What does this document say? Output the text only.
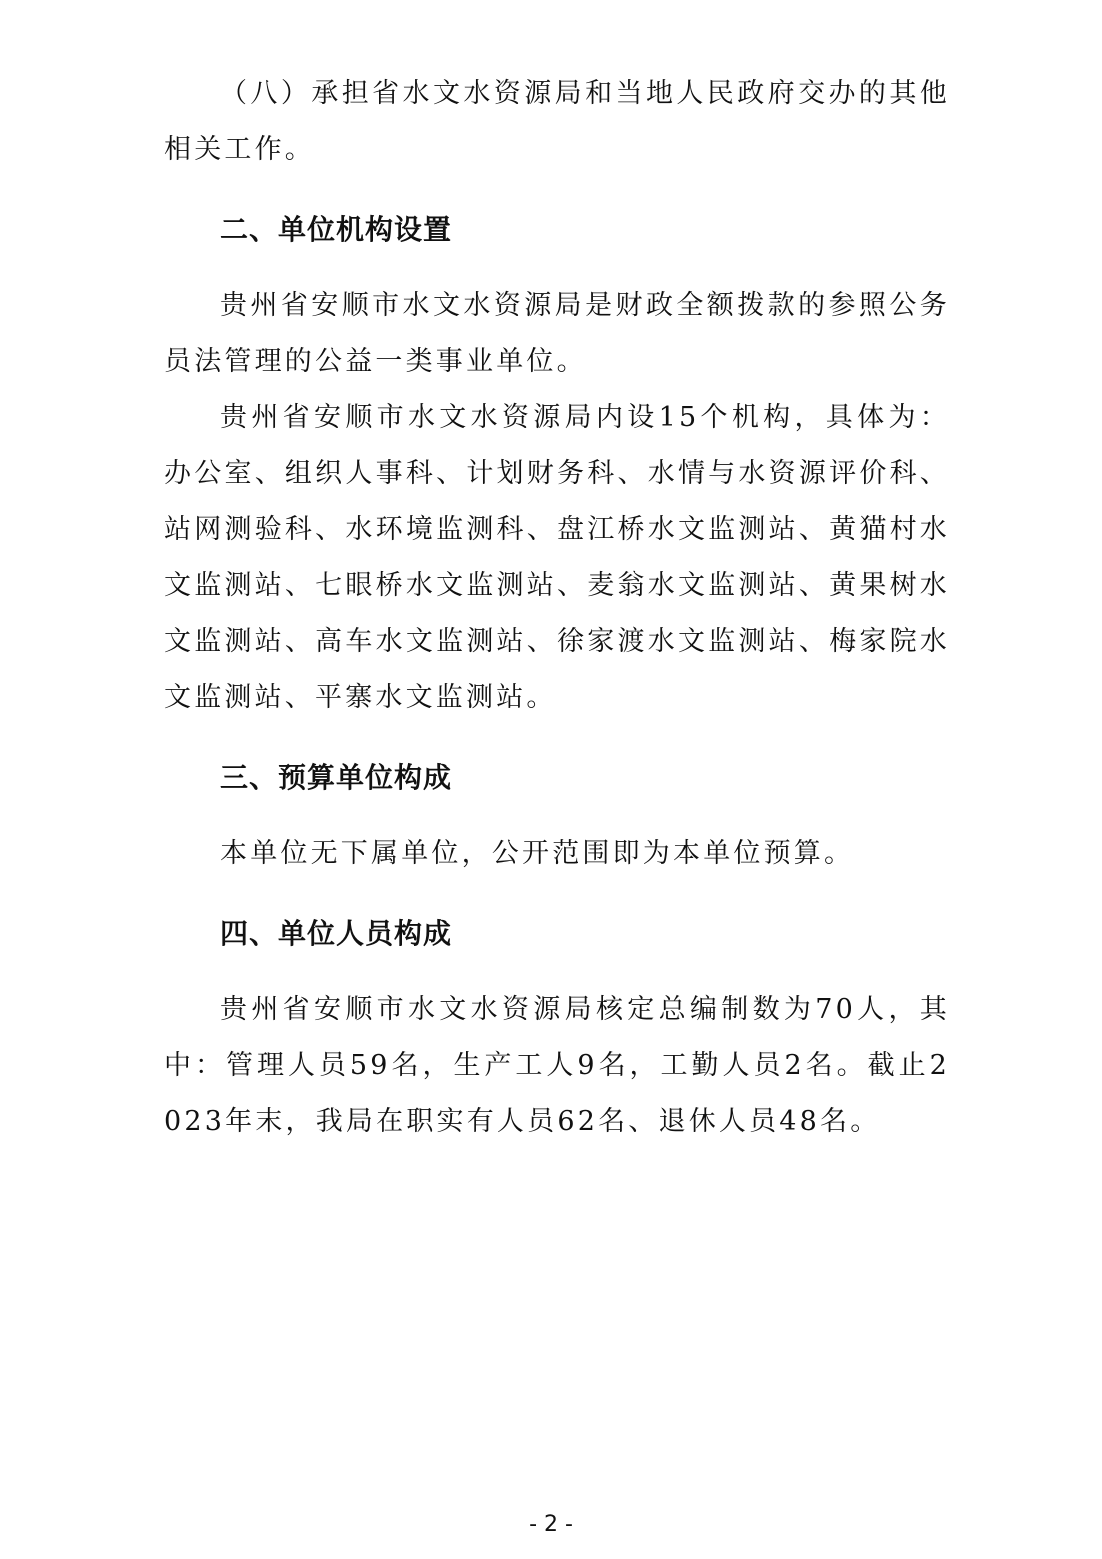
（八）承担省水文水资源局和当地人民政府交办的其他相关工作。

二、单位机构设置

贵州省安顺市水文水资源局是财政全额拨款的参照公务员法管理的公益一类事业单位。

贵州省安顺市水文水资源局内设15个机构，具体为：办公室、组织人事科、计划财务科、水情与水资源评价科、站网测验科、水环境监测科、盘江桥水文监测站、黄猫村水文监测站、七眼桥水文监测站、麦翁水文监测站、黄果树水文监测站、高车水文监测站、徐家渡水文监测站、梅家院水文监测站、平寨水文监测站。

三、预算单位构成

本单位无下属单位，公开范围即为本单位预算。

四、单位人员构成

贵州省安顺市水文水资源局核定总编制数为70人，其中：管理人员59名，生产工人9名，工勤人员2名。截止2023年末，我局在职实有人员62名、退休人员48名。

- 2 -
